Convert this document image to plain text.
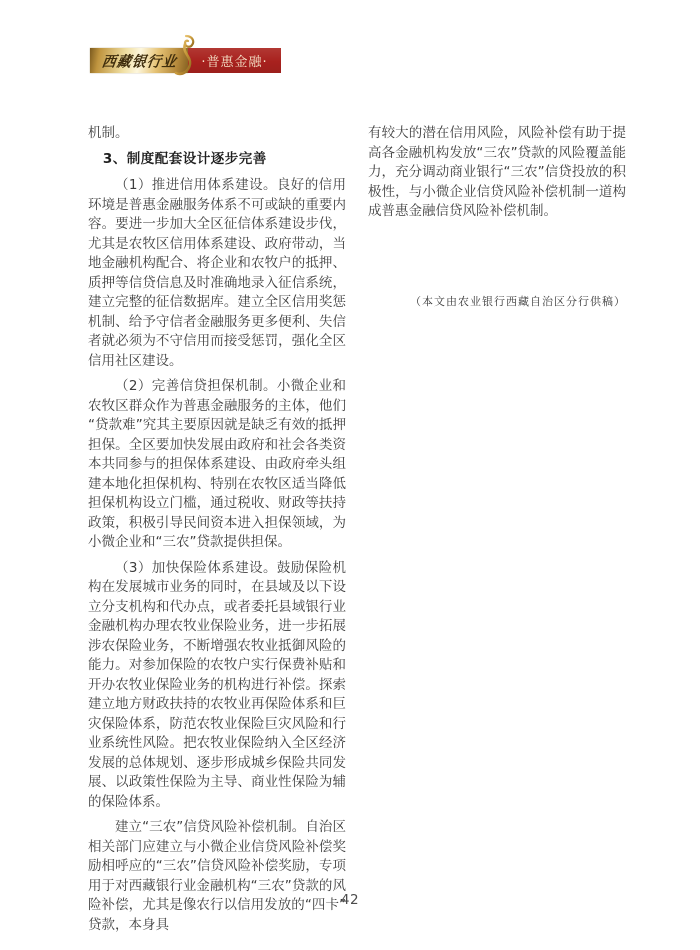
西藏银行业 ·普惠金融·

机制。

3、制度配套设计逐步完善

（1）推进信用体系建设。良好的信用环境是普惠金融服务体系不可或缺的重要内容。要进一步加大全区征信体系建设步伐，尤其是农牧区信用体系建设、政府带动，当地金融机构配合、将企业和农牧户的抵押、质押等信贷信息及时准确地录入征信系统，建立完整的征信数据库。建立全区信用奖惩机制、给予守信者金融服务更多便利、失信者就必须为不守信用而接受惩罚，强化全区信用社区建设。

（2）完善信贷担保机制。小微企业和农牧区群众作为普惠金融服务的主体，他们“贷款难”究其主要原因就是缺乏有效的抵押担保。全区要加快发展由政府和社会各类资本共同参与的担保体系建设、由政府牵头组建本地化担保机构、特别在农牧区适当降低担保机构设立门槛，通过税收、财政等扶持政策，积极引导民间资本进入担保领域，为小微企业和“三农”贷款提供担保。

（3）加快保险体系建设。鼓励保险机构在发展城市业务的同时，在县域及以下设立分支机构和代办点，或者委托县域银行业金融机构办理农牧业保险业务，进一步拓展涉农保险业务，不断增强农牧业抵御风险的能力。对参加保险的农牧户实行保费补贴和开办农牧业保险业务的机构进行补偿。探索建立地方财政扶持的农牧业再保险体系和巨灾保险体系，防范农牧业保险巨灾风险和行业系统性风险。把农牧业保险纳入全区经济发展的总体规划、逐步形成城乡保险共同发展、以政策性保险为主导、商业性保险为辅的保险体系。

建立“三农”信贷风险补偿机制。自治区相关部门应建立与小微企业信贷风险补偿奖励相呼应的“三农”信贷风险补偿奖励，专项用于对西藏银行业金融机构“三农”贷款的风险补偿，尤其是像农行以信用发放的“四卡”贷款，本身具

有较大的潜在信用风险，风险补偿有助于提高各金融机构发放“三农”贷款的风险覆盖能力，充分调动商业银行“三农”信贷投放的积极性，与小微企业信贷风险补偿机制一道构成普惠金融信贷风险补偿机制。

（本文由农业银行西藏自治区分行供稿）

42
